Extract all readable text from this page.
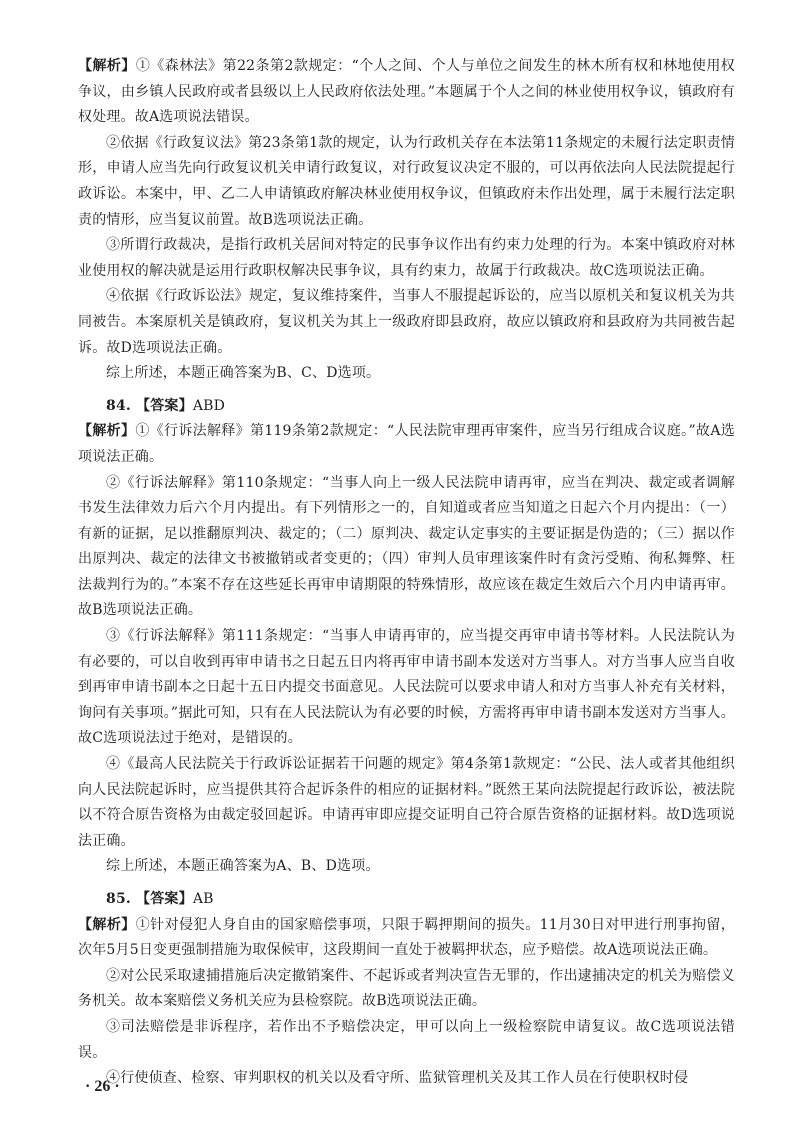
【解析】①《森林法》第22条第2款规定：“个人之间、个人与单位之间发生的林木所有权和林地使用权争议，由乡镇人民政府或者县级以上人民政府依法处理。”本题属于个人之间的林业使用权争议，镇政府有权处理。故A选项说法错误。

②依据《行政复议法》第23条第1款的规定，认为行政机关存在本法第11条规定的未履行法定职责情形，申请人应当先向行政复议机关申请行政复议，对行政复议决定不服的，可以再依法向人民法院提起行政诉讼。本案中，甲、乙二人申请镇政府解决林业使用权争议，但镇政府未作出处理，属于未履行法定职责的情形，应当复议前置。故B选项说法正确。

③所谓行政裁决，是指行政机关居间对特定的民事争议作出有约束力处理的行为。本案中镇政府对林业使用权的解决就是运用行政职权解决民事争议，具有约束力，故属于行政裁决。故C选项说法正确。

④依据《行政诉讼法》规定，复议维持案件，当事人不服提起诉讼的，应当以原机关和复议机关为共同被告。本案原机关是镇政府，复议机关为其上一级政府即县政府，故应以镇政府和县政府为共同被告起诉。故D选项说法正确。

综上所述，本题正确答案为B、C、D选项。

84. 【答案】ABD

【解析】①《行诉法解释》第119条第2款规定：“人民法院审理再审案件，应当另行组成合议庭。”故A选项说法正确。

②《行诉法解释》第110条规定：“当事人向上一级人民法院申请再审，应当在判决、裁定或者调解书发生法律效力后六个月内提出。有下列情形之一的，自知道或者应当知道之日起六个月内提出：（一）有新的证据，足以推翻原判决、裁定的；（二）原判决、裁定认定事实的主要证据是伪造的；（三）据以作出原判决、裁定的法律文书被撤销或者变更的；（四）审判人员审理该案件时有贪污受贿、徇私舞弊、枉法裁判行为的。”本案不存在这些延长再审申请期限的特殊情形，故应该在裁定生效后六个月内申请再审。故B选项说法正确。

③《行诉法解释》第111条规定：“当事人申请再审的，应当提交再审申请书等材料。人民法院认为有必要的，可以自收到再审申请书之日起五日内将再审申请书副本发送对方当事人。对方当事人应当自收到再审申请书副本之日起十五日内提交书面意见。人民法院可以要求申请人和对方当事人补充有关材料，询问有关事项。”据此可知，只有在人民法院认为有必要的时候，方需将再审申请书副本发送对方当事人。故C选项说法过于绝对，是错误的。

④《最高人民法院关于行政诉讼证据若干问题的规定》第4条第1款规定：“公民、法人或者其他组织向人民法院起诉时，应当提供其符合起诉条件的相应的证据材料。”既然王某向法院提起行政诉讼，被法院以不符合原告资格为由裁定驳回起诉。申请再审即应提交证明自己符合原告资格的证据材料。故D选项说法正确。

综上所述，本题正确答案为A、B、D选项。

85. 【答案】AB

【解析】①针对侵犯人身自由的国家赔偿事项，只限于羁押期间的损失。11月30日对甲进行刑事拘留，次年5月5日变更强制措施为取保候审，这段期间一直处于被羁押状态，应予赔偿。故A选项说法正确。

②对公民采取逮捕措施后决定撤销案件、不起诉或者判决宣告无罪的，作出逮捕决定的机关为赔偿义务机关。故本案赔偿义务机关应为县检察院。故B选项说法正确。

③司法赔偿是非诉程序，若作出不予赔偿决定，甲可以向上一级检察院申请复议。故C选项说法错误。

④行使侦查、检察、审判职权的机关以及看守所、监狱管理机关及其工作人员在行使职权时侵

· 26 ·
